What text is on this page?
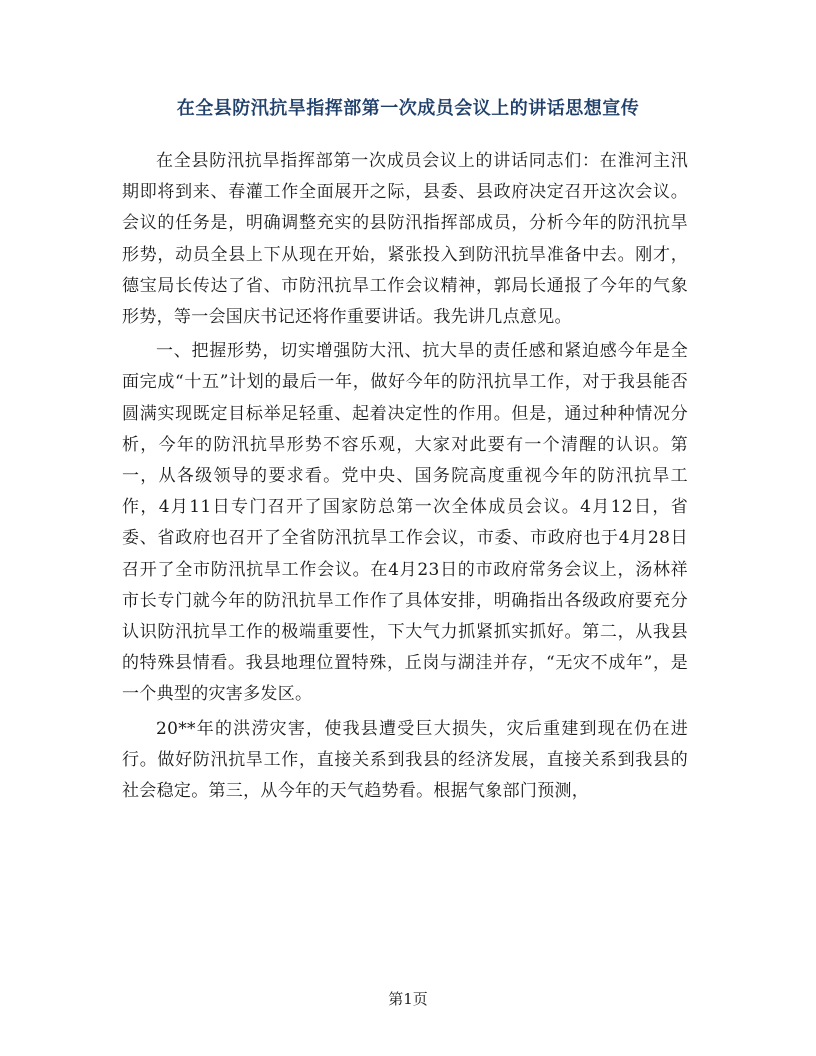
在全县防汛抗旱指挥部第一次成员会议上的讲话思想宣传

在全县防汛抗旱指挥部第一次成员会议上的讲话同志们：在淮河主汛期即将到来、春灌工作全面展开之际，县委、县政府决定召开这次会议。会议的任务是，明确调整充实的县防汛指挥部成员，分析今年的防汛抗旱形势，动员全县上下从现在开始，紧张投入到防汛抗旱准备中去。刚才，德宝局长传达了省、市防汛抗旱工作会议精神，郭局长通报了今年的气象形势，等一会国庆书记还将作重要讲话。我先讲几点意见。

一、把握形势，切实增强防大汛、抗大旱的责任感和紧迫感今年是全面完成“十五”计划的最后一年，做好今年的防汛抗旱工作，对于我县能否圆满实现既定目标举足轻重、起着决定性的作用。但是，通过种种情况分析，今年的防汛抗旱形势不容乐观，大家对此要有一个清醒的认识。第一，从各级领导的要求看。党中央、国务院高度重视今年的防汛抗旱工作，4月11日专门召开了国家防总第一次全体成员会议。4月12日，省委、省政府也召开了全省防汛抗旱工作会议，市委、市政府也于4月28日召开了全市防汛抗旱工作会议。在4月23日的市政府常务会议上，汤林祥市长专门就今年的防汛抗旱工作作了具体安排，明确指出各级政府要充分认识防汛抗旱工作的极端重要性，下大气力抓紧抓实抓好。第二，从我县的特殊县情看。我县地理位置特殊，丘岗与湖洼并存，“无灾不成年”，是一个典型的灾害多发区。

20**年的洪涝灾害，使我县遭受巨大损失，灾后重建到现在仍在进行。做好防汛抗旱工作，直接关系到我县的经济发展，直接关系到我县的社会稳定。第三，从今年的天气趋势看。根据气象部门预测，

第1页
